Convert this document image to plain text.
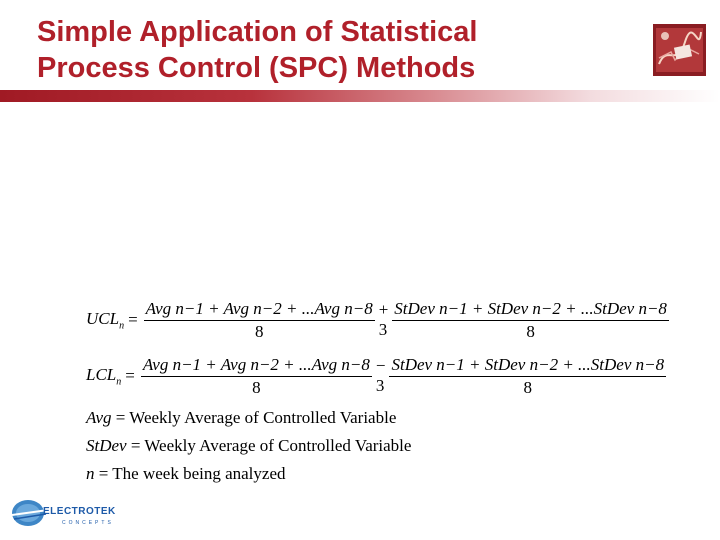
Simple Application of Statistical
Process Control (SPC) Methods
$UCL_n = \frac{\text{Avg n−1 + Avg n−2 + ...Avg n−8}}{8} + 3 \frac{\text{StDev n−1 + StDev n−2 + ...StDev n−8}}{8}$
$LCL_n = \frac{\text{Avg n−1 + Avg n−2 + ...Avg n−8}}{8} - 3 \frac{\text{StDev n−1 + StDev n−2 + ...StDev n−8}}{8}$
Avg = Weekly Average of Controlled Variable
StDev = Weekly Average of Controlled Variable
n = The week being analyzed
ELECTROTEK
CONCEPTS
